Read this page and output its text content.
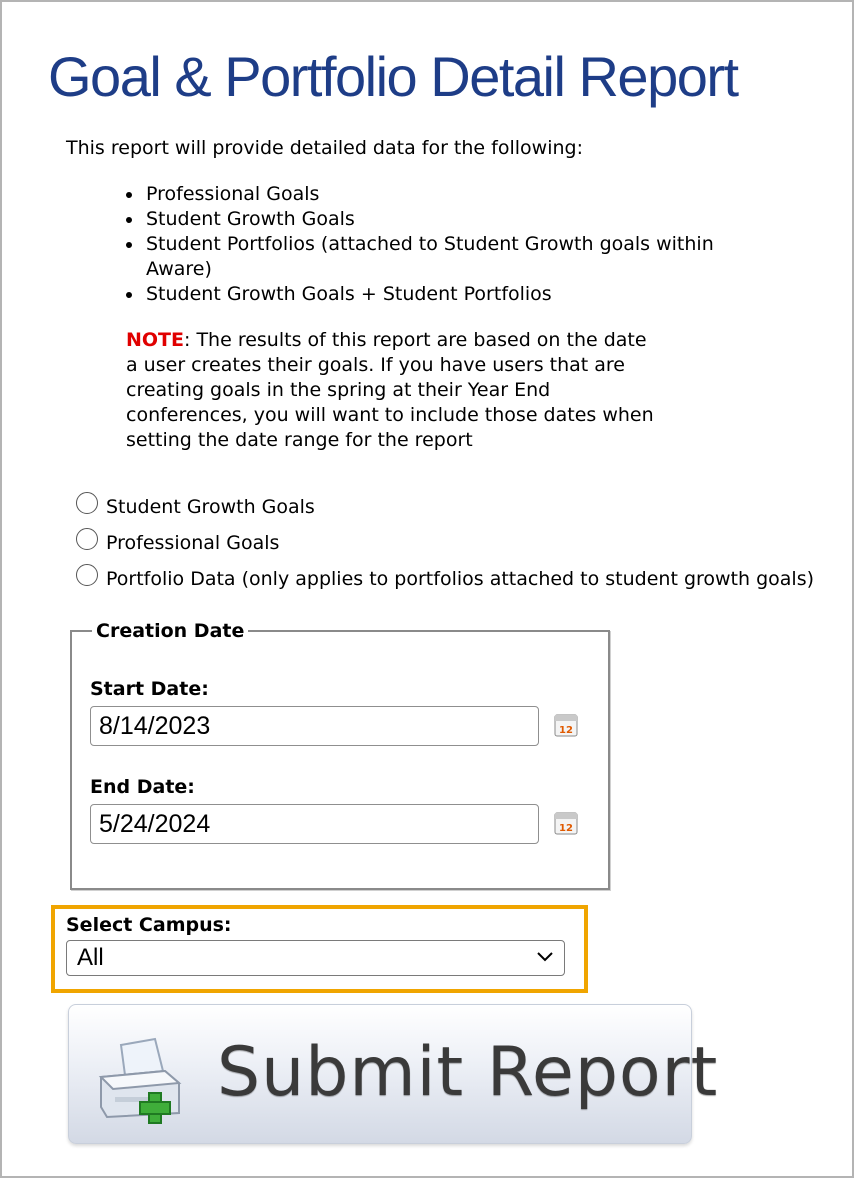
Goal & Portfolio Detail Report

This report will provide detailed data for the following:

Professional Goals
Student Growth Goals
Student Portfolios (attached to Student Growth goals within Aware)
Student Growth Goals + Student Portfolios

NOTE: The results of this report are based on the date a user creates their goals. If you have users that are creating goals in the spring at their Year End conferences, you will want to include those dates when setting the date range for the report

Student Growth Goals
Professional Goals
Portfolio Data (only applies to portfolios attached to student growth goals)
Creation Date
Start Date:
8/14/2023	12
End Date:
5/24/2024	12
Select Campus:
All
Submit Report
